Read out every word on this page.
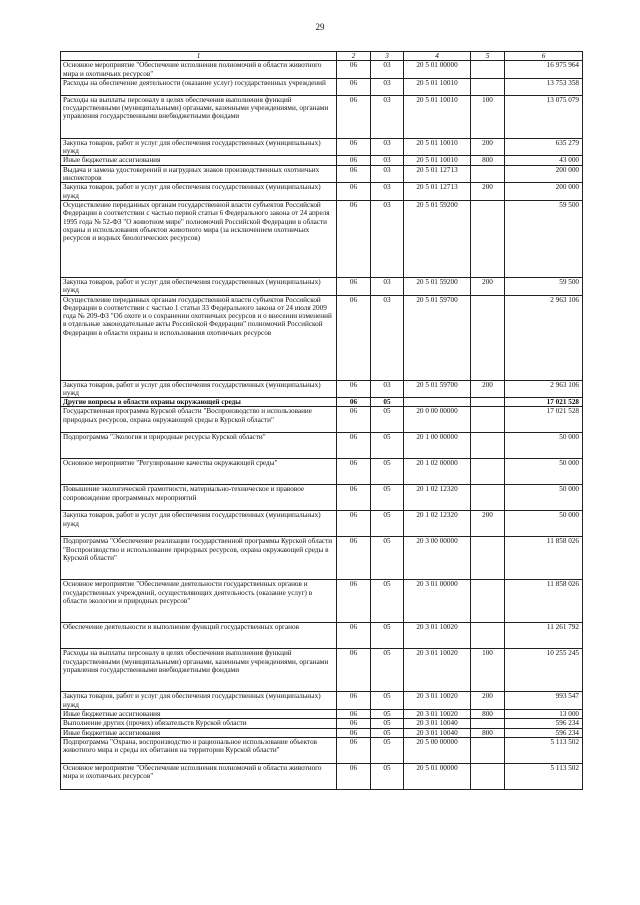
29
1	2	3	4	5	6
Основное мероприятие "Обеспечение исполнения полномочий в области животного мира и охотничьих ресурсов"	06	03	20 5 01 00000		16 975 964
Расходы на обеспечение деятельности (оказание услуг) государственных учреждений	06	03	20 5 01 10010		13 753 358
Расходы на выплаты персоналу в целях обеспечения выполнения функций государственными (муниципальными) органами, казенными учреждениями, органами управления государственными внебюджетными фондами	06	03	20 5 01 10010	100	13 075 079
Закупка товаров, работ и услуг для обеспечения государственных (муниципальных) нужд	06	03	20 5 01 10010	200	635 279
Иные бюджетные ассигнования	06	03	20 5 01 10010	800	43 000
Выдача и замена удостоверений и нагрудных знаков производственных охотничьих инспекторов	06	03	20 5 01 12713		200 000
Закупка товаров, работ и услуг для обеспечения государственных (муниципальных) нужд	06	03	20 5 01 12713	200	200 000
Осуществление переданных органам государственной власти субъектов Российской Федерации в соответствии с частью первой статьи 6 Федерального закона от 24 апреля 1995 года № 52-ФЗ "О животном мире" полномочий Российской Федерации в области охраны и использования объектов животного мира (за исключением охотничьих ресурсов и водных биологических ресурсов)	06	03	20 5 01 59200		59 500
Закупка товаров, работ и услуг для обеспечения государственных (муниципальных) нужд	06	03	20 5 01 59200	200	59 500
Осуществление переданных органам государственной власти субъектов Российской Федерации в соответствии с частью 1 статьи 33 Федерального закона от 24 июля 2009 года № 209-ФЗ "Об охоте и о сохранении охотничьих ресурсов и о внесении изменений в отдельные законодательные акты Российской Федерации" полномочий Российской Федерации в области охраны и использования охотничьих ресурсов	06	03	20 5 01 59700		2 963 106
Закупка товаров, работ и услуг для обеспечения государственных (муниципальных) нужд	06	03	20 5 01 59700	200	2 963 106
Другие вопросы в области охраны окружающей среды	06	05			17 021 528
Государственная программа Курской области "Воспроизводство и использование природных ресурсов, охрана окружающей среды в Курской области"	06	05	20 0 00 00000		17 021 528
Подпрограмма "Экология и природные ресурсы Курской области"	06	05	20 1 00 00000		50 000
Основное мероприятие "Регулирование качества окружающей среды"	06	05	20 1 02 00000		50 000
Повышение экологической грамотности, материально-техническое и правовое сопровождение программных мероприятий	06	05	20 1 02 12320		50 000
Закупка товаров, работ и услуг для обеспечения государственных (муниципальных) нужд	06	05	20 1 02 12320	200	50 000
Подпрограмма "Обеспечение реализации государственной программы Курской области "Воспроизводство и использование природных ресурсов, охрана окружающей среды в Курской области"	06	05	20 3 00 00000		11 858 026
Основное мероприятие "Обеспечение деятельности государственных органов и государственных учреждений, осуществляющих деятельность (оказание услуг) в области экологии и природных ресурсов"	06	05	20 3 01 00000		11 858 026
Обеспечение деятельности и выполнение функций государственных органов	06	05	20 3 01 10020		11 261 792
Расходы на выплаты персоналу в целях обеспечения выполнения функций государственными (муниципальными) органами, казенными учреждениями, органами управления государственными внебюджетными фондами	06	05	20 3 01 10020	100	10 255 245
Закупка товаров, работ и услуг для обеспечения государственных (муниципальных) нужд	06	05	20 3 01 10020	200	993 547
Иные бюджетные ассигнования	06	05	20 3 01 10020	800	13 000
Выполнение других (прочих) обязательств Курской области	06	05	20 3 01 10040		596 234
Иные бюджетные ассигнования	06	05	20 3 01 10040	800	596 234
Подпрограмма "Охрана, воспроизводство и рациональное использование объектов животного мира и среды их обитания на территории Курской области"	06	05	20 5 00 00000		5 113 502
Основное мероприятие "Обеспечение исполнения полномочий в области животного мира и охотничьих ресурсов"	06	05	20 5 01 00000		5 113 502
